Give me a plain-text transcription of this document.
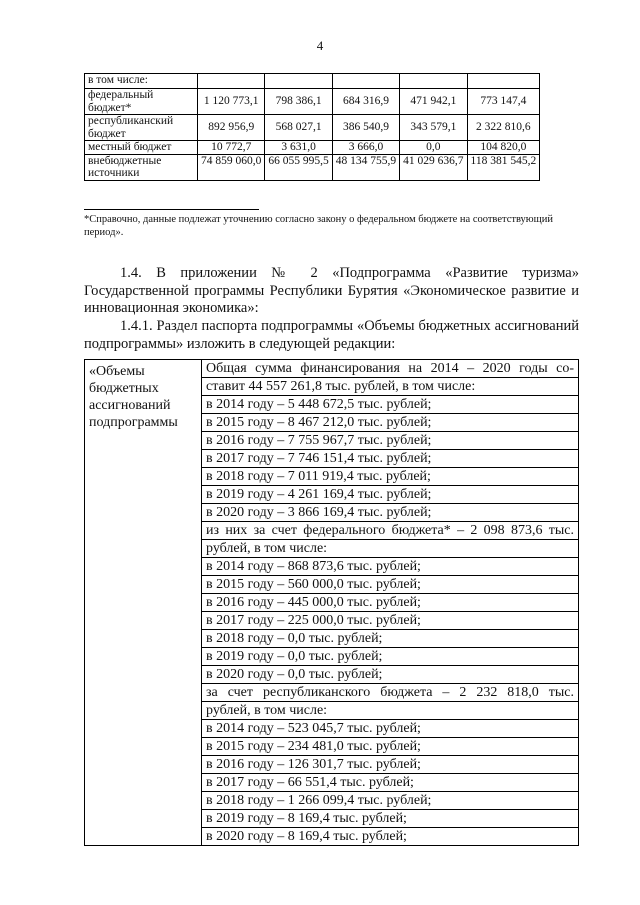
4
в том числе:					
федеральный бюджет*	1 120 773,1	798 386,1	684 316,9	471 942,1	773 147,4
республиканский бюджет	892 956,9	568 027,1	386 540,9	343 579,1	2 322 810,6
местный бюджет	10 772,7	3 631,0	3 666,0	0,0	104 820,0
внебюджетные источники	74 859 060,0	66 055 995,5	48 134 755,9	41 029 636,7	118 381 545,2
*Справочно, данные подлежат уточнению согласно закону о федеральном бюджете на соответствующий период».
1.4. В приложении № 2 «Подпрограмма «Развитие туризма» Государственной программы Республики Бурятия «Экономическое развитие и инновационная экономика»:
1.4.1. Раздел паспорта подпрограммы «Объемы бюджетных ассигнований подпрограммы» изложить в следующей редакции:
«Объемы бюджетных ассигнований подпрограммы	
Общая сумма финансирования на 2014 – 2020 годы со-
ставит 44 557 261,8 тыс. рублей, в том числе:
в 2014 году – 5 448 672,5 тыс. рублей;
в 2015 году – 8 467 212,0 тыс. рублей;
в 2016 году – 7 755 967,7 тыс. рублей;
в 2017 году – 7 746 151,4 тыс. рублей;
в 2018 году – 7 011 919,4 тыс. рублей;
в 2019 году – 4 261 169,4 тыс. рублей;
в 2020 году – 3 866 169,4 тыс. рублей;
из них за счет федерального бюджета* – 2 098 873,6 тыс.
рублей, в том числе:
в 2014 году – 868 873,6 тыс. рублей;
в 2015 году – 560 000,0 тыс. рублей;
в 2016 году – 445 000,0 тыс. рублей;
в 2017 году – 225 000,0 тыс. рублей;
в 2018 году – 0,0 тыс. рублей;
в 2019 году – 0,0 тыс. рублей;
в 2020 году – 0,0 тыс. рублей;
за счет республиканского бюджета – 2 232 818,0 тыс.
рублей, в том числе:
в 2014 году – 523 045,7 тыс. рублей;
в 2015 году – 234 481,0 тыс. рублей;
в 2016 году – 126 301,7 тыс. рублей;
в 2017 году – 66 551,4 тыс. рублей;
в 2018 году – 1 266 099,4 тыс. рублей;
в 2019 году – 8 169,4 тыс. рублей;
в 2020 году – 8 169,4 тыс. рублей;
